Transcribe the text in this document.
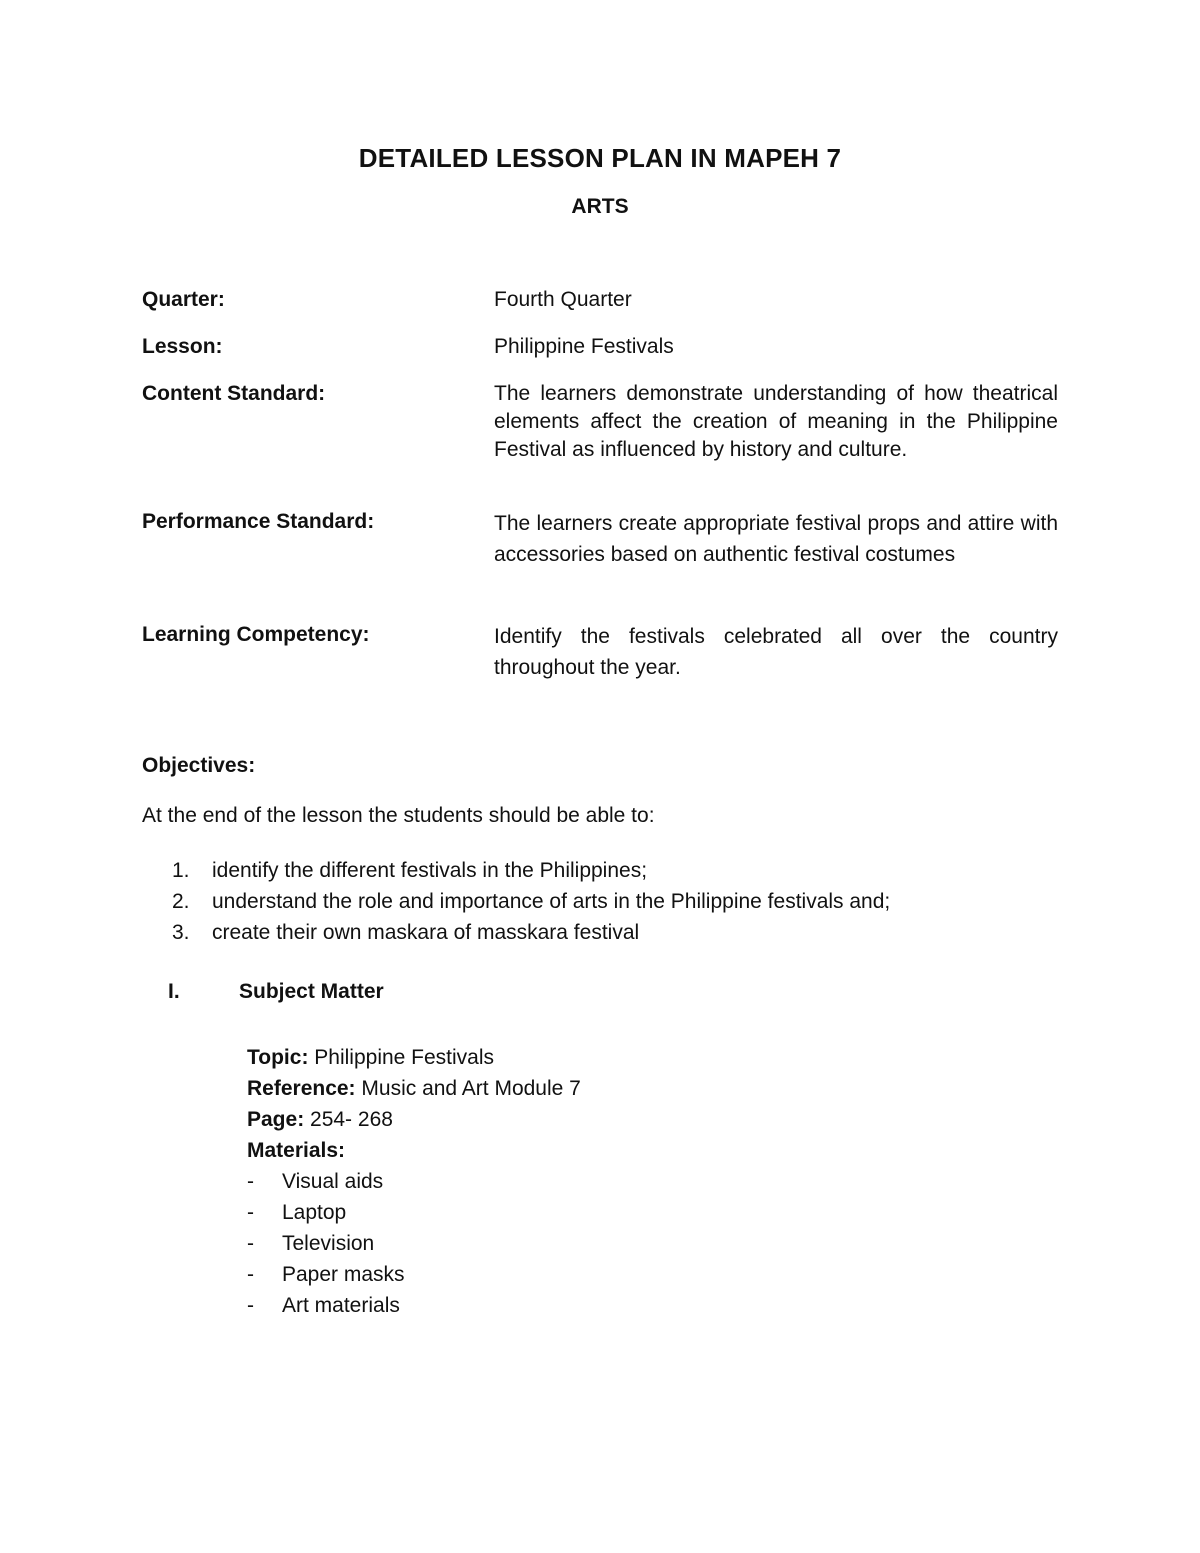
DETAILED LESSON PLAN IN MAPEH 7
ARTS
Quarter:	Fourth Quarter
Lesson:	Philippine Festivals
Content Standard:	The learners demonstrate understanding of how theatrical elements affect the creation of meaning in the Philippine Festival as influenced by history and culture.
Performance Standard:	The learners create appropriate festival props and attire with accessories based on authentic festival costumes
Learning Competency:	Identify the festivals celebrated all over the country throughout the year.
Objectives:
At the end of the lesson the students should be able to:
1.	identify the different festivals in the Philippines;
2.	understand the role and importance of arts in the Philippine festivals and;
3.	create their own maskara of masskara festival
I.	Subject Matter
Topic: Philippine Festivals
Reference: Music and Art Module 7
Page: 254- 268
Materials:
-	Visual aids
-	Laptop
-	Television
-	Paper masks
-	Art materials
